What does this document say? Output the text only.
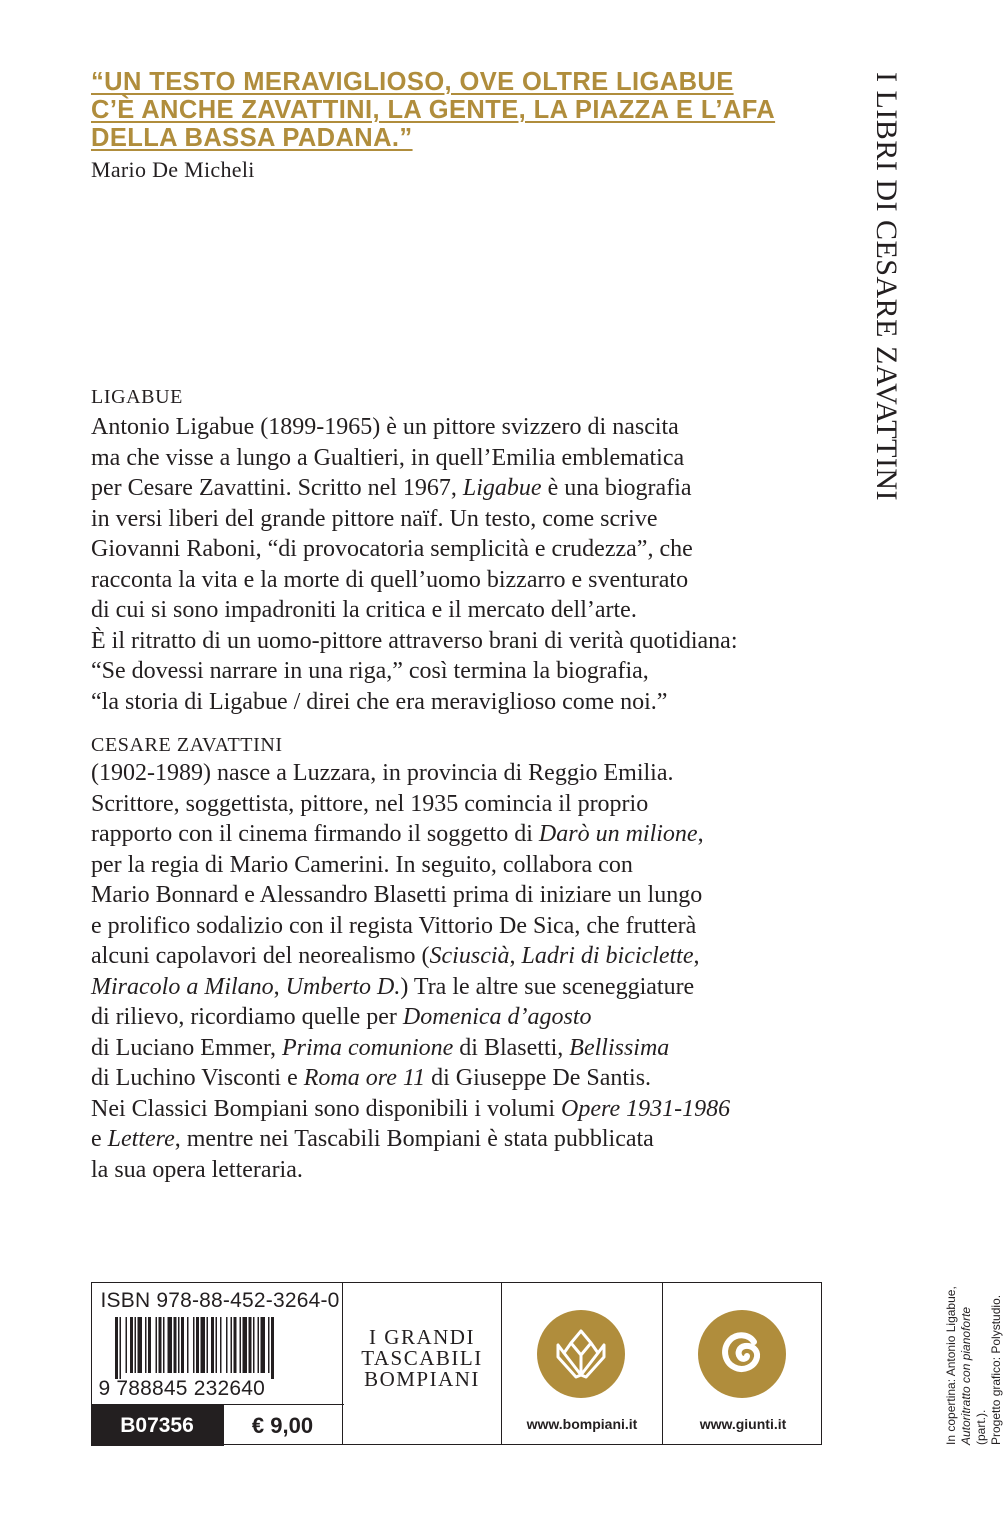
“UN TESTO MERAVIGLIOSO, OVE OLTRE LIGABUE
C’È ANCHE ZAVATTINI, LA GENTE, LA PIAZZA E L’AFA
DELLA BASSA PADANA.”
Mario De Micheli	I LIBRI DI CESARE ZAVATTINI
LIGABUE
Antonio Ligabue (1899-1965) è un pittore svizzero di nascita
ma che visse a lungo a Gualtieri, in quell’Emilia emblematica
per Cesare Zavattini. Scritto nel 1967, Ligabue è una biografia
in versi liberi del grande pittore naïf. Un testo, come scrive
Giovanni Raboni, “di provocatoria semplicità e crudezza”, che
racconta la vita e la morte di quell’uomo bizzarro e sventurato
di cui si sono impadroniti la critica e il mercato dell’arte.
È il ritratto di un uomo-pittore attraverso brani di verità quotidiana:
“Se dovessi narrare in una riga,” così termina la biografia,
“la storia di Ligabue / direi che era meraviglioso come noi.”
CESARE ZAVATTINI
(1902-1989) nasce a Luzzara, in provincia di Reggio Emilia.
Scrittore, soggettista, pittore, nel 1935 comincia il proprio
rapporto con il cinema firmando il soggetto di Darò un milione,
per la regia di Mario Camerini. In seguito, collabora con
Mario Bonnard e Alessandro Blasetti prima di iniziare un lungo
e prolifico sodalizio con il regista Vittorio De Sica, che frutterà
alcuni capolavori del neorealismo (Sciuscià, Ladri di biciclette,
Miracolo a Milano, Umberto D.) Tra le altre sue sceneggiature
di rilievo, ricordiamo quelle per Domenica d’agosto
di Luciano Emmer, Prima comunione di Blasetti, Bellissima
di Luchino Visconti e Roma ore 11 di Giuseppe De Santis.
Nei Classici Bompiani sono disponibili i volumi Opere 1931-1986
e Lettere, mentre nei Tascabili Bompiani è stata pubblicata
la sua opera letteraria.
In copertina: Antonio Ligabue, Autoritratto con pianoforte (part.). Progetto grafico: Polystudio.
ISBN 978-88-452-3264-0
9 788845 232640
B07356	€ 9,00
I GRANDI
TASCABILI
BOMPIANI
www.bompiani.it	www.giunti.it
